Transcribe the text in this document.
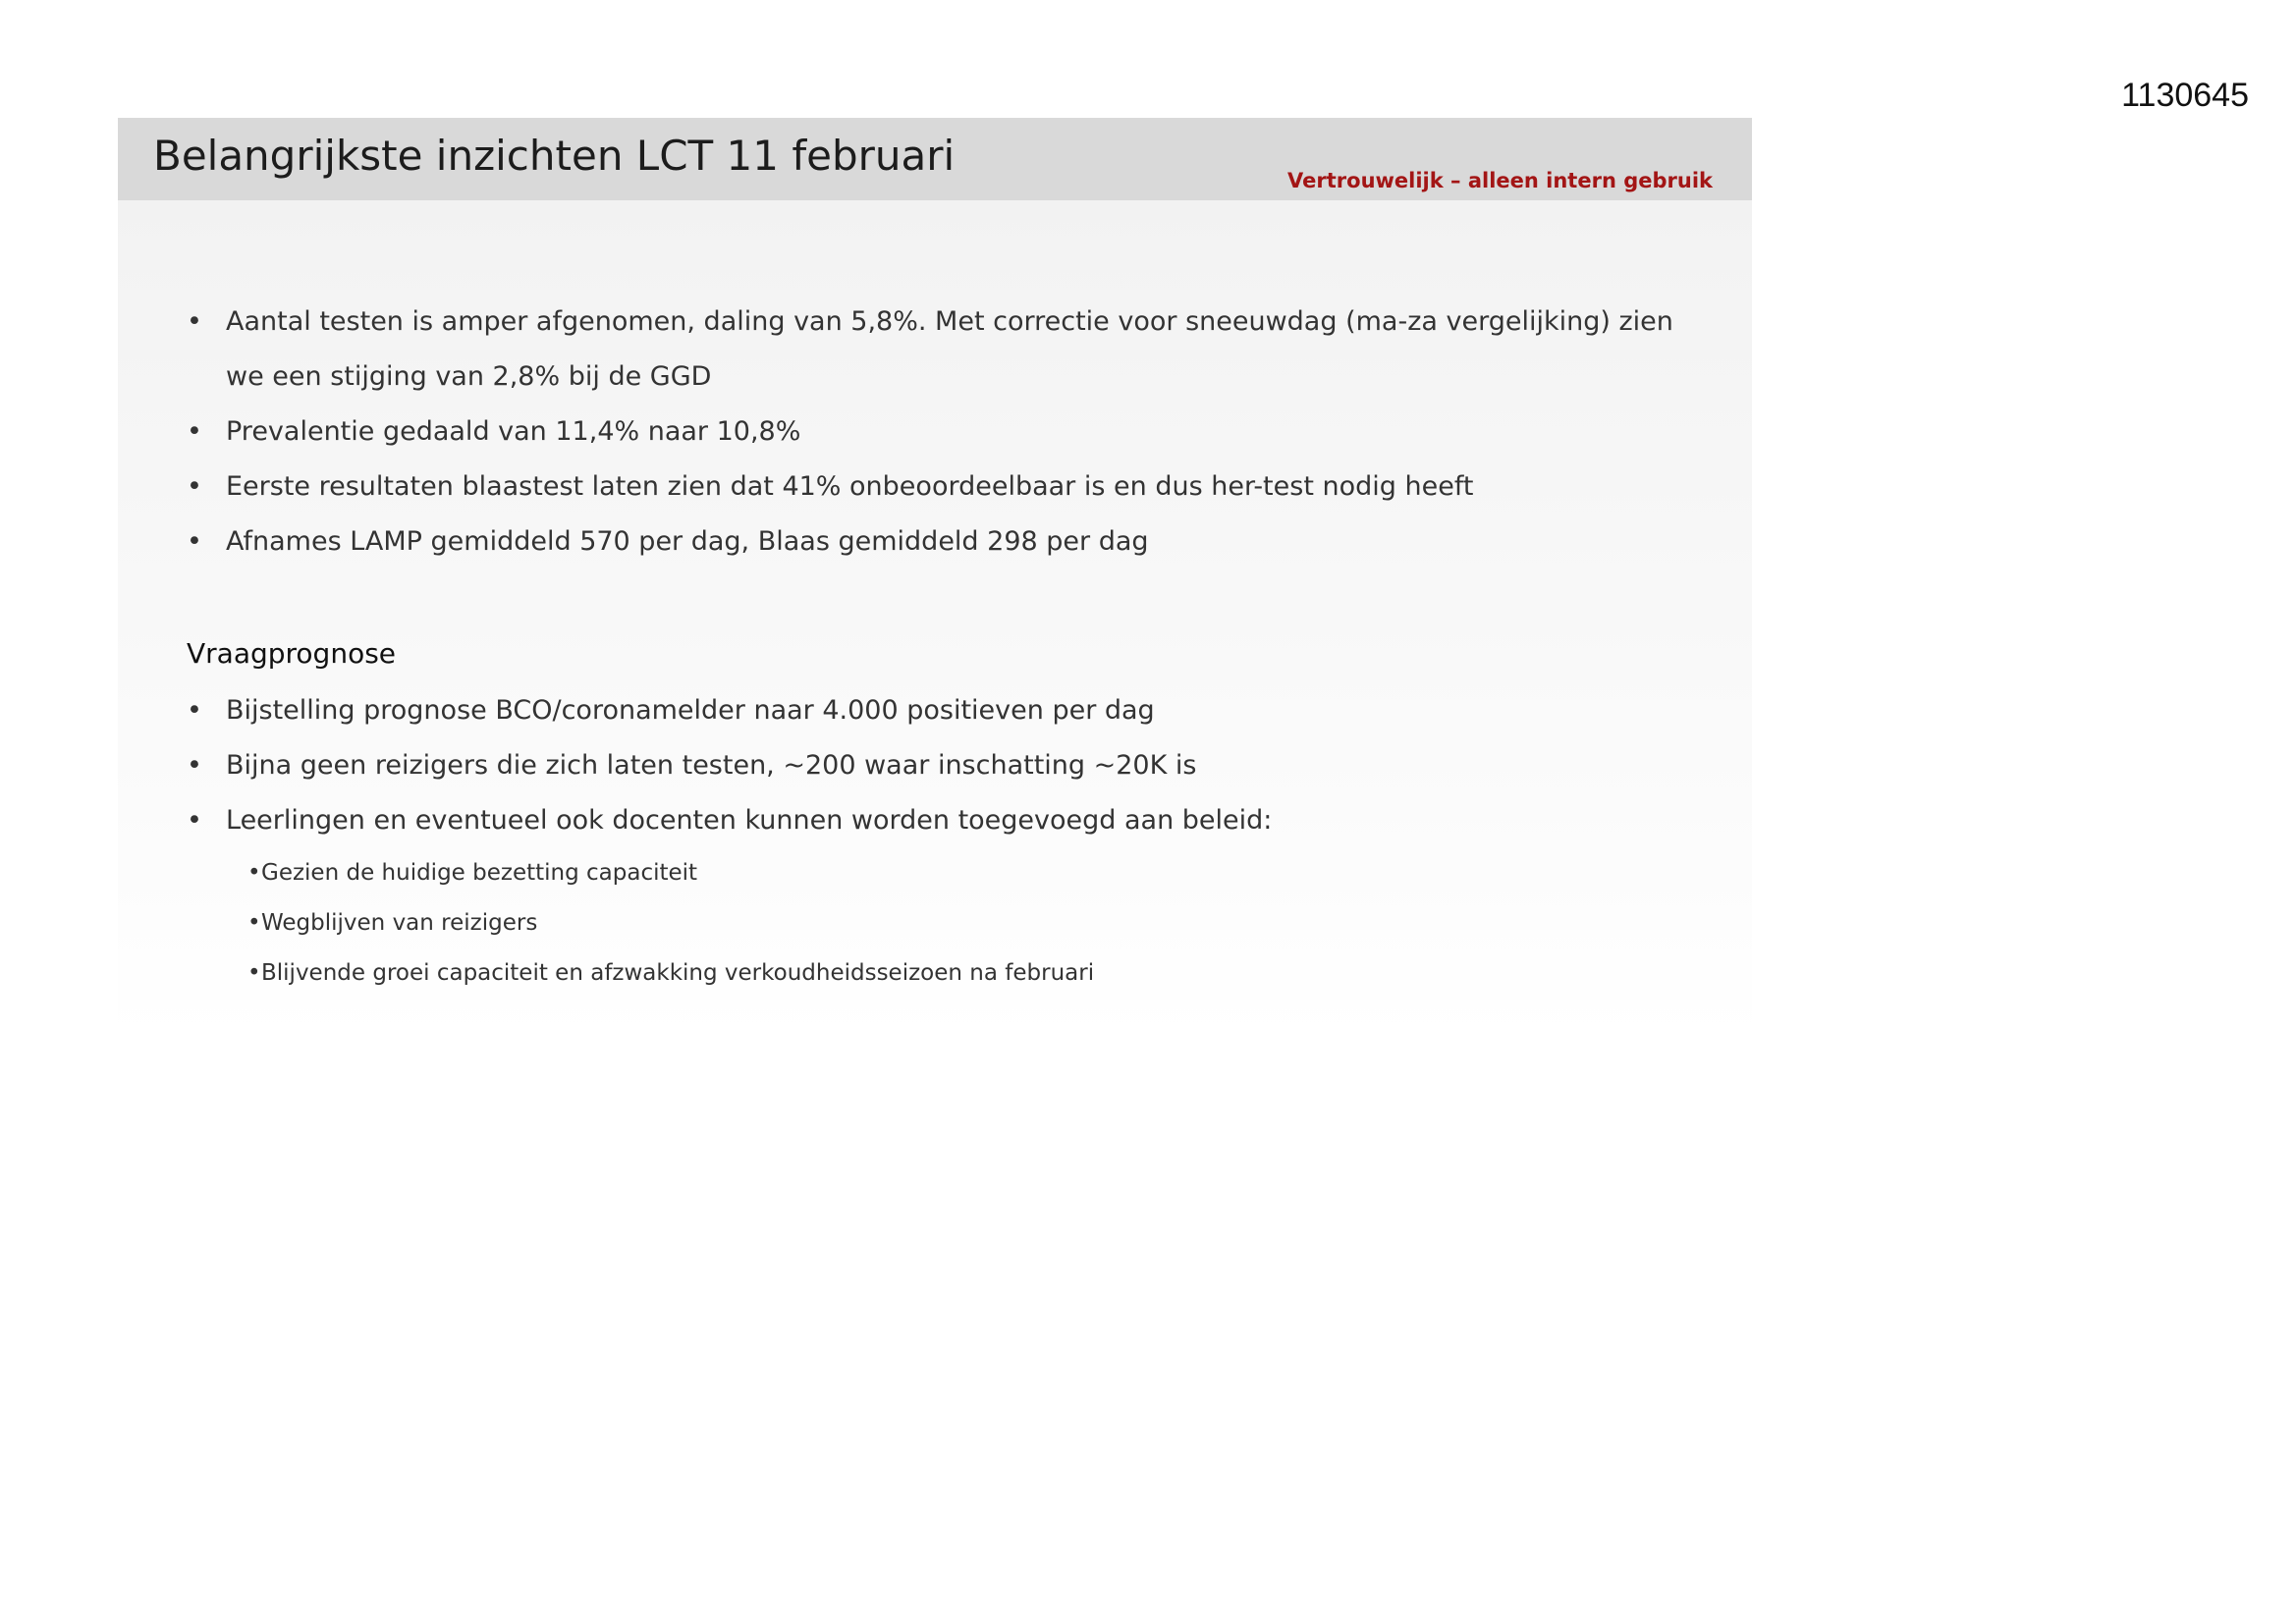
1130645
Belangrijkste inzichten LCT 11 februari
Vertrouwelijk – alleen intern gebruik
• Aantal testen is amper afgenomen, daling van 5,8%. Met correctie voor sneeuwdag (ma-za vergelijking) zien we een stijging van 2,8% bij de GGD
• Prevalentie gedaald van 11,4% naar 10,8%
• Eerste resultaten blaastest laten zien dat 41% onbeoordeelbaar is en dus her-test nodig heeft
• Afnames LAMP gemiddeld 570 per dag, Blaas gemiddeld 298 per dag
Vraagprognose
• Bijstelling prognose BCO/coronamelder naar 4.000 positieven per dag
• Bijna geen reizigers die zich laten testen, ~200 waar inschatting ~20K is
• Leerlingen en eventueel ook docenten kunnen worden toegevoegd aan beleid:
• Gezien de huidige bezetting capaciteit
• Wegblijven van reizigers
• Blijvende groei capaciteit en afzwakking verkoudheidsseizoen na februari
